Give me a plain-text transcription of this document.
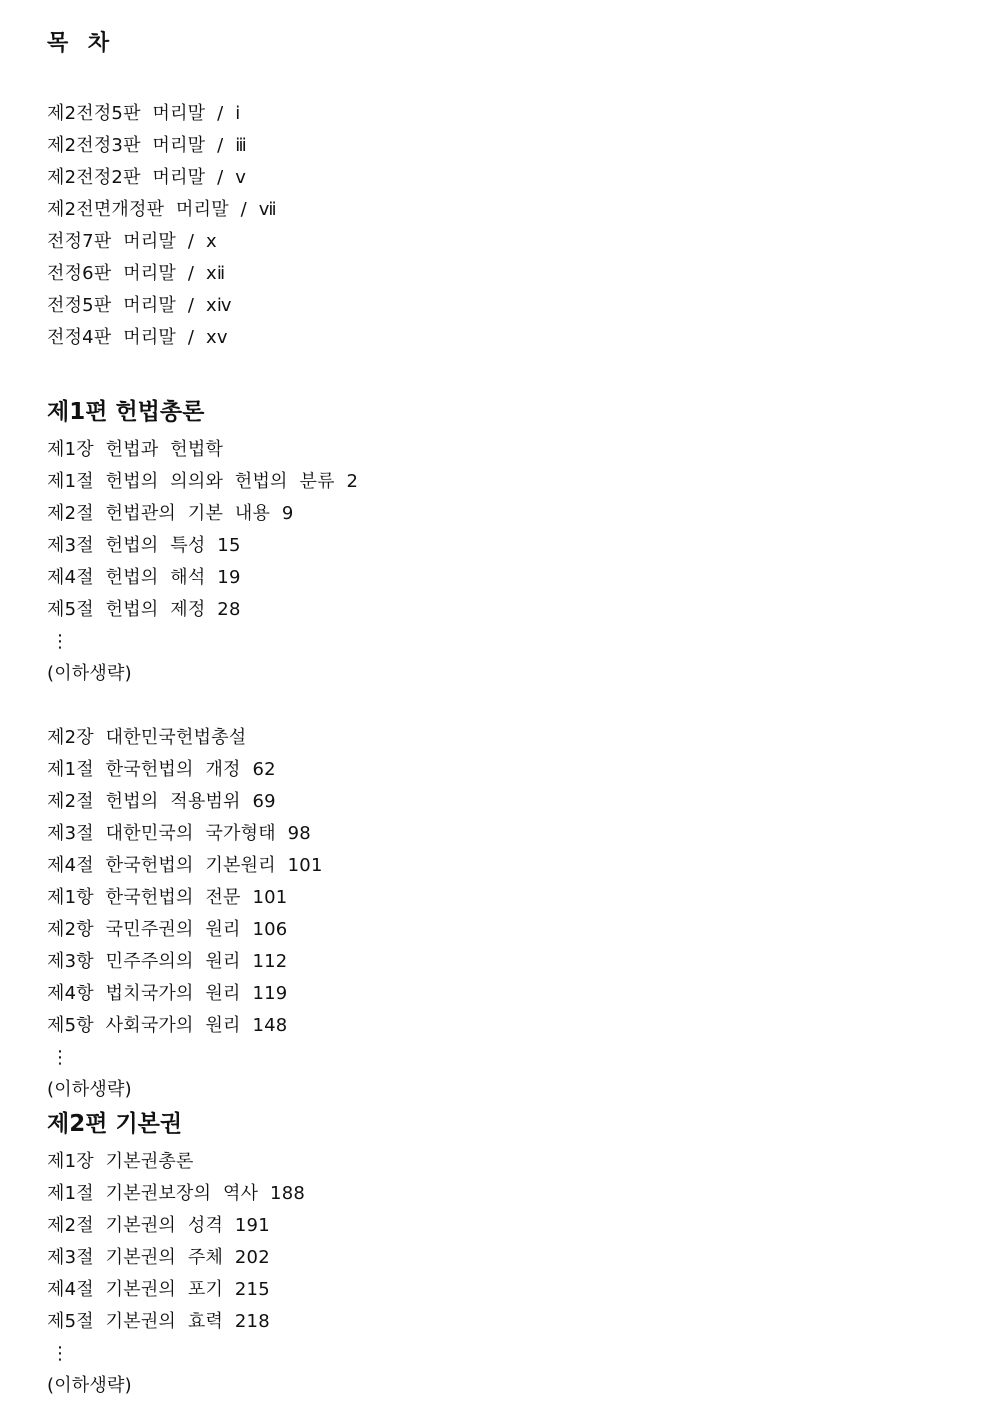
목 차
제2전정5판  머리말  /  ⅰ
제2전정3판  머리말  /  ⅲ
제2전정2판  머리말  /  ⅴ
제2전면개정판  머리말  /  ⅶ
전정7판  머리말  /  ⅹ
전정6판  머리말  /  ⅹⅱ
전정5판  머리말  /  ⅹⅳ
전정4판  머리말  /  ⅹⅴ
제1편 헌법총론
제1장  헌법과  헌법학
제1절  헌법의  의의와  헌법의  분류  2
제2절  헌법관의  기본  내용  9
제3절  헌법의  특성  15
제4절  헌법의  해석  19
제5절  헌법의  제정  28
⋮
(이하생략)
제2장  대한민국헌법총설
제1절  한국헌법의  개정  62
제2절  헌법의  적용범위  69
제3절  대한민국의  국가형태  98
제4절  한국헌법의  기본원리  101
제1항  한국헌법의  전문  101
제2항  국민주권의  원리  106
제3항  민주주의의  원리  112
제4항  법치국가의  원리  119
제5항  사회국가의  원리  148
⋮
(이하생략)
제2편 기본권
제1장  기본권총론
제1절  기본권보장의  역사  188
제2절  기본권의  성격  191
제3절  기본권의  주체  202
제4절  기본권의  포기  215
제5절  기본권의  효력  218
⋮
(이하생략)
